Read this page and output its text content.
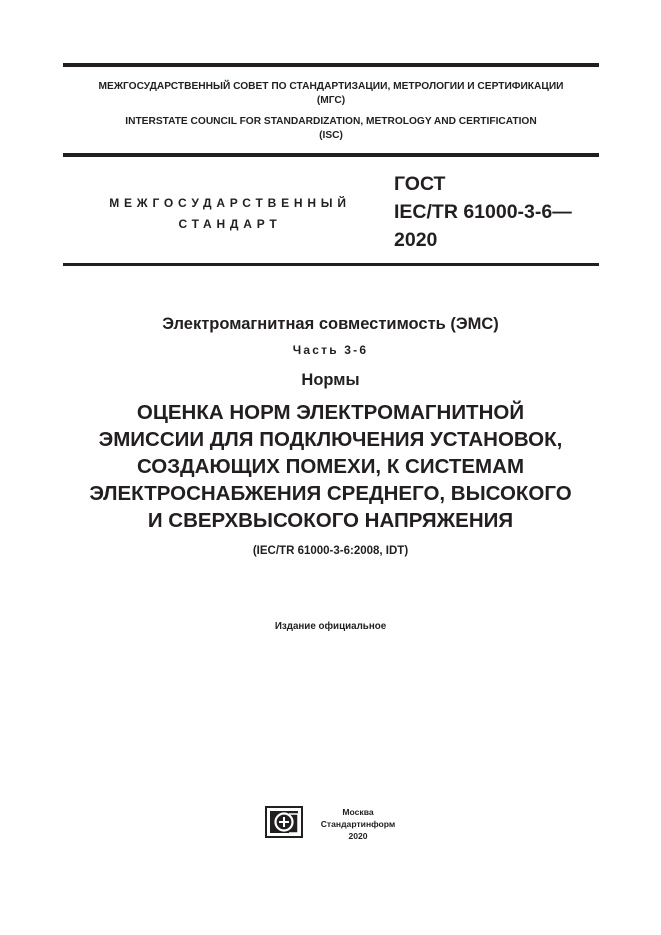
МЕЖГОСУДАРСТВЕННЫЙ СОВЕТ ПО СТАНДАРТИЗАЦИИ, МЕТРОЛОГИИ И СЕРТИФИКАЦИИ
(МГС)
INTERSTATE COUNCIL FOR STANDARDIZATION, METROLOGY AND CERTIFICATION
(ISC)
МЕЖГОСУДАРСТВЕННЫЙ
СТАНДАРТ
ГОСТ
IEC/TR 61000-3-6—
2020
Электромагнитная совместимость (ЭМС)
Часть 3-6
Нормы
ОЦЕНКА НОРМ ЭЛЕКТРОМАГНИТНОЙ
ЭМИССИИ ДЛЯ ПОДКЛЮЧЕНИЯ УСТАНОВОК,
СОЗДАЮЩИХ ПОМЕХИ, К СИСТЕМАМ
ЭЛЕКТРОСНАБЖЕНИЯ СРЕДНЕГО, ВЫСОКОГО
И СВЕРХВЫСОКОГО НАПРЯЖЕНИЯ
(IEC/TR 61000-3-6:2008, IDT)
Издание официальное
Москва
Стандартинформ
2020
